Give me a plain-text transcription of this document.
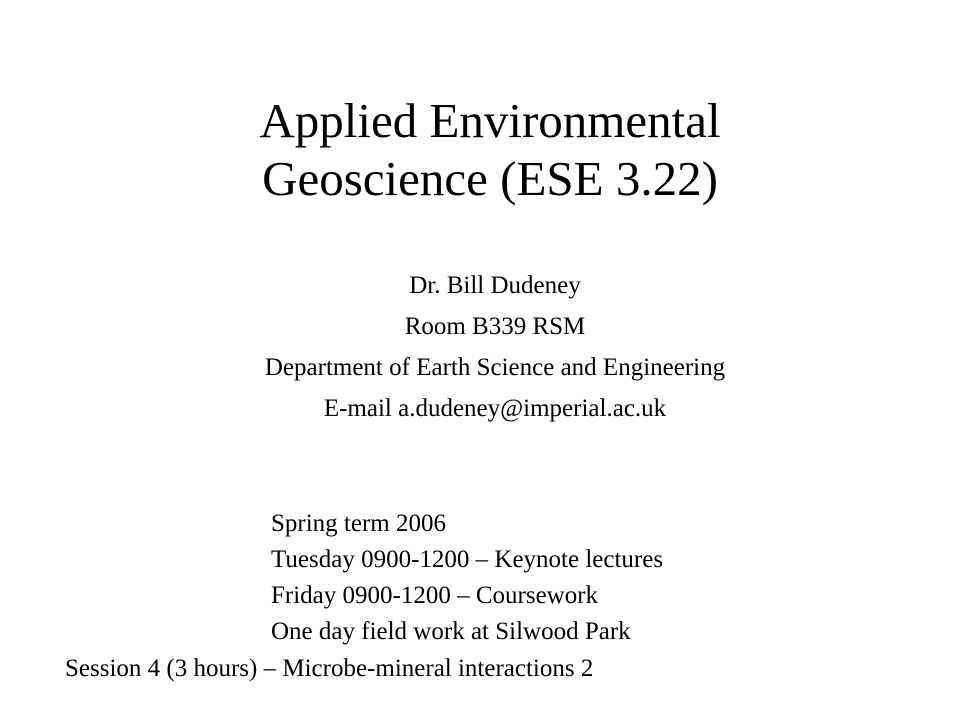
Applied Environmental
Geoscience (ESE 3.22)
Dr. Bill Dudeney
Room B339 RSM
Department of Earth Science and Engineering
E-mail a.dudeney@imperial.ac.uk
Spring term 2006
Tuesday 0900-1200 – Keynote lectures
Friday 0900-1200 – Coursework
One day field work at Silwood Park
Session 4 (3 hours) – Microbe-mineral interactions 2
